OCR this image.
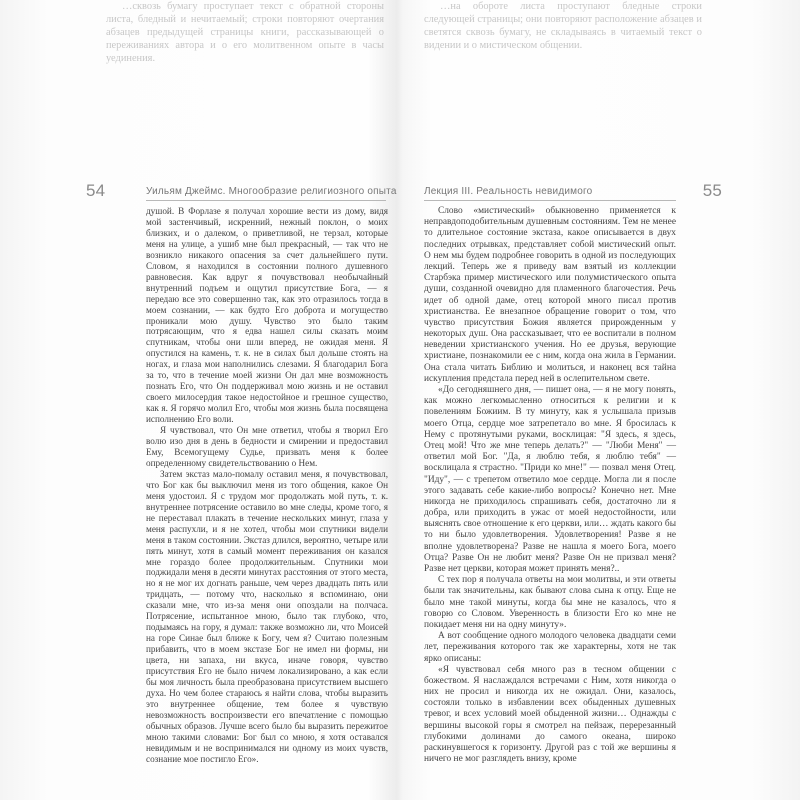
…сквозь бумагу проступает текст с обратной стороны листа, бледный и нечитаемый; строки повторяют очертания абзацев предыдущей страницы книги, рассказывающей о переживаниях автора и о его молитвенном опыте в часы уединения.

54	Уильям Джеймс. Многообразие религиозного опыта

душой. В Форлазе я получал хорошие вести из дому, видя мой застенчивый, искренний, нежный поклон, о моих близких, и о далеком, о приветливой, не терзал, которые меня на улице, а ушиб мне был прекрасный, — так что не возникло никакого опасения за счет дальнейшего пути. Словом, я находился в состоянии полного душевного равновесия. Как вдруг я почувствовал необычайный внутренний подъем и ощутил присутствие Бога, — я передаю все это совершенно так, как это отразилось тогда в моем сознании, — как будто Его доброта и могущество проникали мою душу. Чувство это было таким потрясающим, что я едва нашел силы сказать моим спутникам, чтобы они шли вперед, не ожидая меня. Я опустился на камень, т. к. не в силах был дольше стоять на ногах, и глаза мои наполнились слезами. Я благодарил Бога за то, что в течение моей жизни Он дал мне возможность познать Его, что Он поддерживал мою жизнь и не оставил своего милосердия такое недостойное и грешное существо, как я. Я горячо молил Его, чтобы моя жизнь была посвящена исполнению Его воли.

Я чувствовал, что Он мне ответил, чтобы я творил Его волю изо дня в день в бедности и смирении и предоставил Ему, Всемогущему Судье, призвать меня к более определенному свидетельствованию о Нем.

Затем экстаз мало-помалу оставил меня, я почувствовал, что Бог как бы выключил меня из того общения, какое Он меня удостоил. Я с трудом мог продолжать мой путь, т. к. внутреннее потрясение оставило во мне следы, кроме того, я не переставал плакать в течение нескольких минут, глаза у меня распухли, и я не хотел, чтобы мои спутники видели меня в таком состоянии. Экстаз длился, вероятно, четыре или пять минут, хотя в самый момент переживания он казался мне гораздо более продолжительным. Спутники мои поджидали меня в десяти минутах расстояния от этого места, но я не мог их догнать раньше, чем через двадцать пять или тридцать, — потому что, насколько я вспоминаю, они сказали мне, что из-за меня они опоздали на полчаса. Потрясение, испытанное мною, было так глубоко, что, подымаясь на гору, я думал: также возможно ли, что Моисей на горе Синае был ближе к Богу, чем я? Считаю полезным прибавить, что в моем экстазе Бог не имел ни формы, ни цвета, ни запаха, ни вкуса, иначе говоря, чувство присутствия Его не было ничем локализировано, а как если бы моя личность была преобразована присутствием высшего духа. Но чем более стараюсь я найти слова, чтобы выразить это внутреннее общение, тем более я чувствую невозможность воспроизвести его впечатление с помощью обычных образов. Лучше всего было бы выразить пережитое мною такими словами: Бог был со мною, я хотя оставался невидимым и не воспринимался ни одному из моих чувств, сознание мое постигло Его».

…на обороте листа проступают бледные строки следующей страницы; они повторяют расположение абзацев и светятся сквозь бумагу, не складываясь в читаемый текст о видении и о мистическом общении.

Лекция III. Реальность невидимого	55

Слово «мистический» обыкновенно применяется к неправдоподобительным душевным состояниям. Тем не менее то длительное состояние экстаза, какое описывается в двух последних отрывках, представляет собой мистический опыт. О нем мы будем подробнее говорить в одной из последующих лекций. Теперь же я приведу вам взятый из коллекции Старбэка пример мистического или полумистического опыта души, созданной очевидно для пламенного благочестия. Речь идет об одной даме, отец которой много писал против христианства. Ее внезапное обращение говорит о том, что чувство присутствия Божия является прирожденным у некоторых душ. Она рассказывает, что ее воспитали в полном неведении христианского учения. Но ее друзья, верующие христиане, познакомили ее с ним, когда она жила в Германии. Она стала читать Библию и молиться, и наконец вся тайна искупления предстала перед ней в ослепительном свете.

«До сегодняшнего дня, — пишет она, — я не могу понять, как можно легкомысленно относиться к религии и к повелениям Божиим. В ту минуту, как я услышала призыв моего Отца, сердце мое затрепетало во мне. Я бросилась к Нему с протянутыми руками, восклицая: "Я здесь, я здесь, Отец мой! Что же мне теперь делать?" — "Люби Меня" — ответил мой Бог. "Да, я люблю тебя, я люблю тебя" — восклицала я страстно. "Приди ко мне!" — позвал меня Отец. "Иду", — с трепетом ответило мое сердце. Могла ли я после этого задавать себе какие-либо вопросы? Конечно нет. Мне никогда не приходилось спрашивать себя, достаточно ли я добра, или приходить в ужас от моей недостойности, или выяснять свое отношение к его церкви, или… ждать какого бы то ни было удовлетворения. Удовлетворения! Разве я не вполне удовлетворена? Разве не нашла я моего Бога, моего Отца? Разве Он не любит меня? Разве Он не призвал меня? Разве нет церкви, которая может принять меня?..

С тех пор я получала ответы на мои молитвы, и эти ответы были так значительны, как бывают слова сына к отцу. Еще не было мне такой минуты, когда бы мне не казалось, что я говорю со Словом. Уверенность в близости Его ко мне не покидает меня ни на одну минуту».

А вот сообщение одного молодого человека двадцати семи лет, переживания которого так же характерны, хотя не так ярко описаны:

«Я чувствовал себя много раз в тесном общении с божеством. Я наслаждался встречами с Ним, хотя никогда о них не просил и никогда их не ожидал. Они, казалось, состояли только в избавлении всех обыденных душевных тревог, и всех условий моей обыденной жизни… Однажды с вершины высокой горы я смотрел на пейзаж, перерезанный глубокими долинами до самого океана, широко раскинувшегося к горизонту. Другой раз с той же вершины я ничего не мог разглядеть внизу, кроме
